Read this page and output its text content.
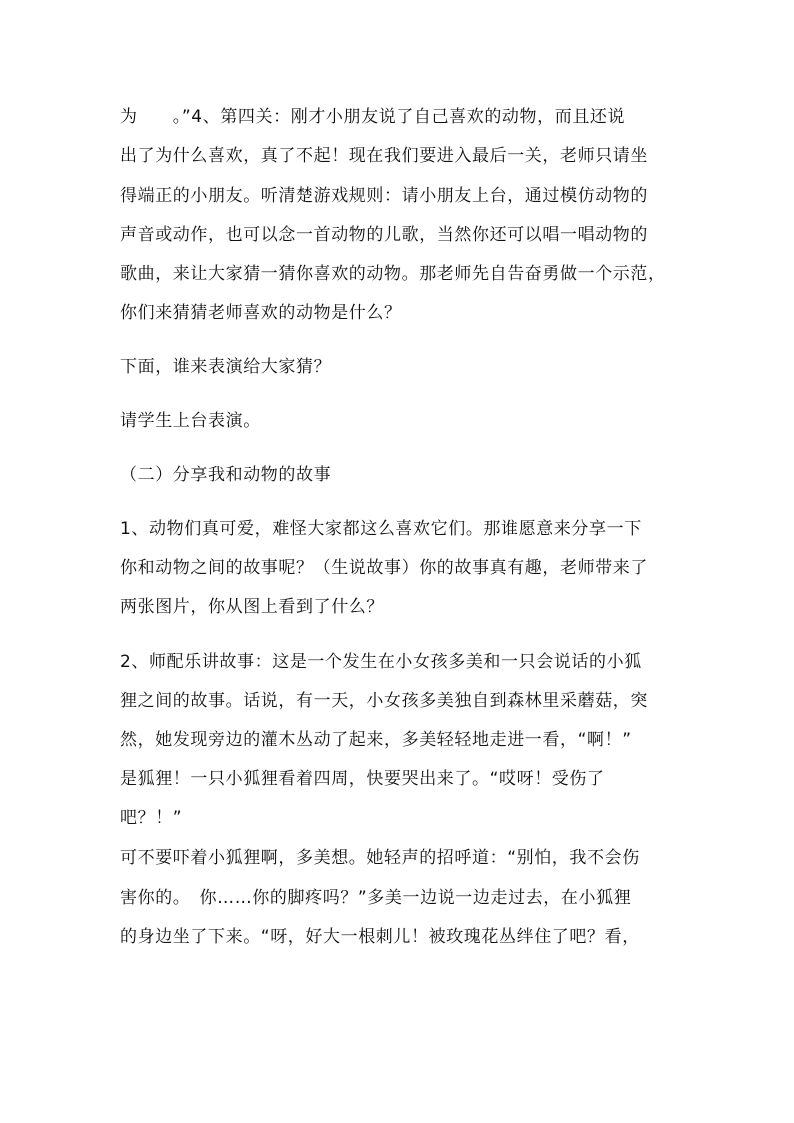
为　　。”4、第四关：刚才小朋友说了自己喜欢的动物，而且还说
出了为什么喜欢，真了不起！现在我们要进入最后一关，老师只请坐
得端正的小朋友。听清楚游戏规则：请小朋友上台，通过模仿动物的
声音或动作，也可以念一首动物的儿歌，当然你还可以唱一唱动物的
歌曲，来让大家猜一猜你喜欢的动物。那老师先自告奋勇做一个示范，
你们来猜猜老师喜欢的动物是什么？
下面，谁来表演给大家猜？
请学生上台表演。
（二）分享我和动物的故事
1、动物们真可爱，难怪大家都这么喜欢它们。那谁愿意来分享一下
你和动物之间的故事呢？（生说故事）你的故事真有趣，老师带来了
两张图片，你从图上看到了什么？
2、师配乐讲故事：这是一个发生在小女孩多美和一只会说话的小狐
狸之间的故事。话说，有一天，小女孩多美独自到森林里采蘑菇，突
然，她发现旁边的灌木丛动了起来，多美轻轻地走进一看，“啊！”
是狐狸！一只小狐狸看着四周，快要哭出来了。“哎呀！受伤了
吧？！”
可不要吓着小狐狸啊，多美想。她轻声的招呼道：“别怕，我不会伤
害你的。　你……你的脚疼吗？”多美一边说一边走过去，在小狐狸
的身边坐了下来。“呀，好大一根刺儿！被玫瑰花丛绊住了吧？看，
